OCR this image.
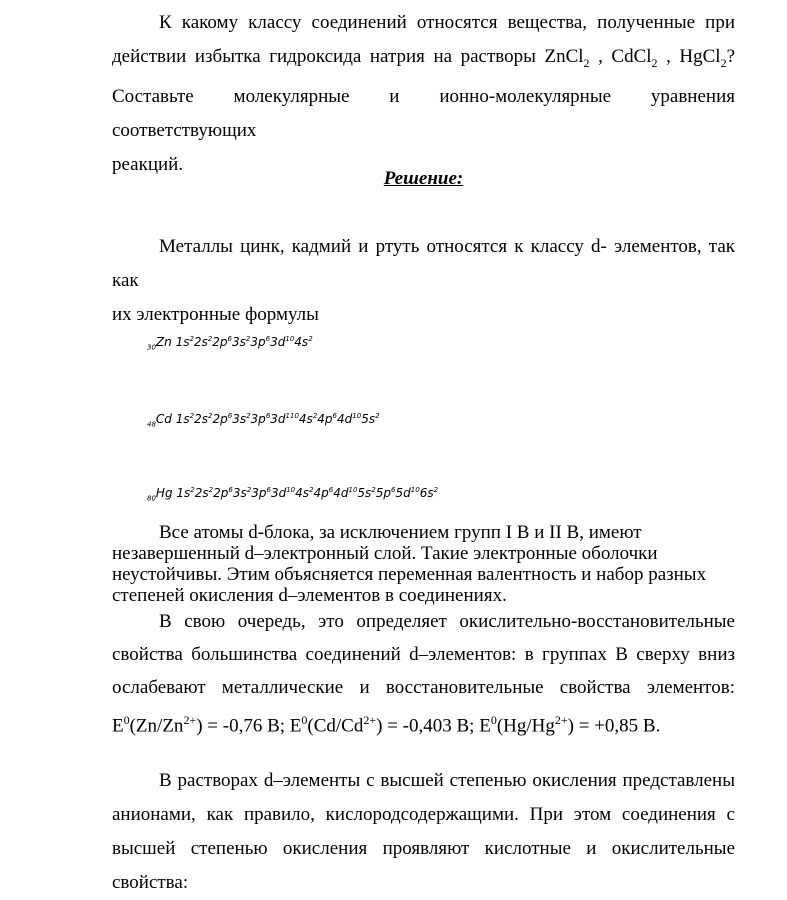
К какому классу соединений относятся вещества, полученные при

действии избытка гидроксида натрия на растворы ZnCl$_2$ , CdCl$_2$ , HgCl$_2$?

Составьте молекулярные и ионно-молекулярные уравнения соответствующих

реакций.

Решение:

Металлы цинк, кадмий и ртуть относятся к классу d- элементов, так как

их электронные формулы

$_{30}$Zn $1s^22s^22p^63s^23p^63d^{10}4s^2$
$_{48}$Cd $1s^22s^22p^63s^23p^63d^{110}4s^24p^64d^{10}5s^2$
$_{80}$Hg $1s^22s^22p^63s^23p^63d^{10}4s^24p^64d^{10}5s^25p^65d^{10}6s^2$

Все атомы d-блока, за исключением групп I B и II B, имеют

незавершенный d–электронный слой. Такие электронные оболочки

неустойчивы. Этим объясняется переменная валентность и набор разных

степеней окисления d–элементов в соединениях.

В свою очередь, это определяет окислительно-восстановительные

свойства большинства соединений d–элементов: в группах В сверху вниз

ослабевают металлические и восстановительные свойства элементов:

$E^0(Zn/Zn^{2+}) = -0,76$ В; $E^0(Cd/Cd^{2+}) = -0,403$ В; $E^0(Hg/Hg^{2+}) = +0,85$ В.

В растворах d–элементы с высшей степенью окисления представлены

анионами, как правило, кислородсодержащими. При этом соединения с

высшей степенью окисления проявляют кислотные и окислительные свойства:
